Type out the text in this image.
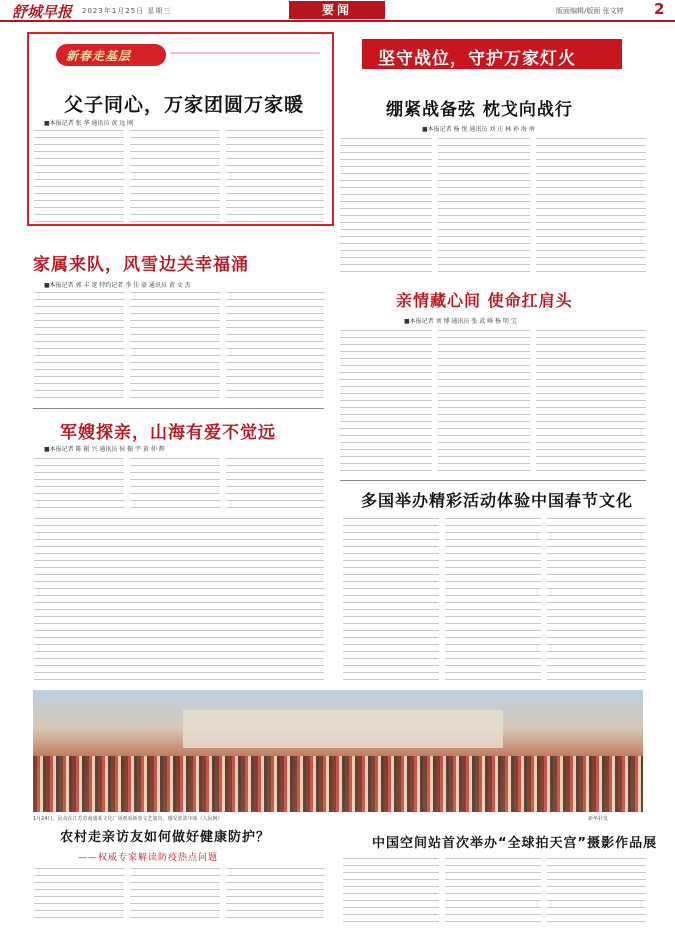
舒城早报 2023年1月25日 星期三	要闻	版面编辑/版面 张文婷 2
新春走基层
父子同心，万家团圆万家暖
■本报记者 张 华 通讯员 黄 远 刚
家属来队，风雪边关幸福涌
■本报记者 郭 丰 宽 特约记者 李 佳 豪 通讯员 黄 文 杰
军嫂探亲，山海有爱不觉远
■本报记者 陈 振 兴 通讯员 侯 振 宇 黄 仲 辉
坚守战位，守护万家灯火
绷紧战备弦 枕戈向战行
■本报记者 杨 悦 通讯员 刘 正 林 孙 海 南
亲情藏心间 使命扛肩头
■本报记者 刘 博 通讯员 张 武 峰 杨 明 宝
多国举办精彩活动体验中国春节文化
1月24日，民众在江苏省南通某文化广场观看新春文艺演出，感受浓浓年味（人民网）	新华社发
农村走亲访友如何做好健康防护？
——权威专家解读防疫热点问题
中国空间站首次举办“全球拍天宫”摄影作品展
